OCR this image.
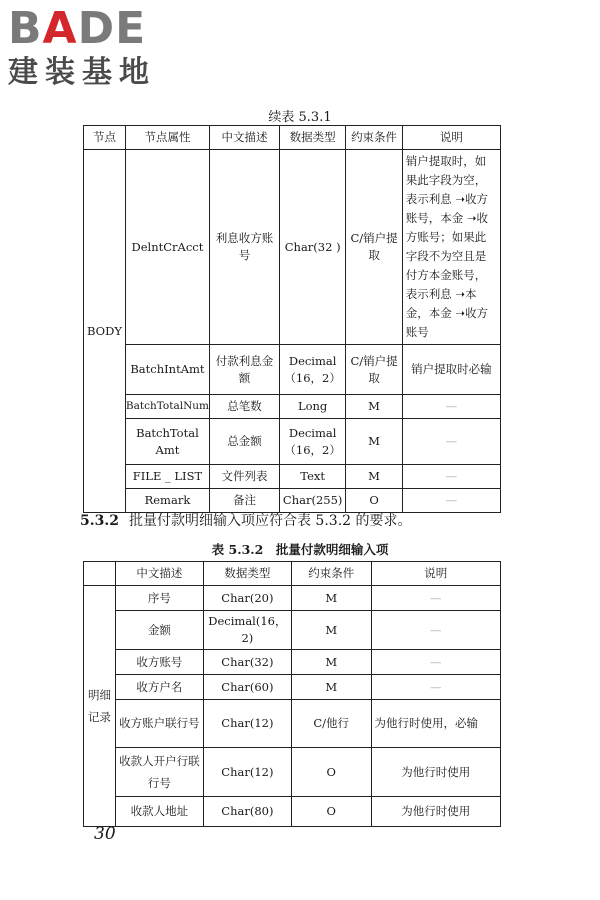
BADE
建装基地
续表 5.3.1
节点	节点属性	中文描述	数据类型	约束条件	说明
BODY	DelntCrAcct	利息收方账号	Char(32 )	C/销户提取	销户提取时，如果此字段为空，表示利息 ➝收方账号，本金 ➝收方账号；如果此字段不为空且是付方本金账号，表示利息 ➝本金，本金 ➝收方账号
	BatchIntAmt	付款利息金额	Decimal（16，2）	C/销户提取	销户提取时必输
	BatchTotalNum	总笔数	Long	M	—
	BatchTotal Amt	总金额	Decimal（16，2）	M	—
	FILE _ LIST	文件列表	Text	M	—
	Remark	备注	Char(255)	O	—
5.3.2 批量付款明细输入项应符合表 5.3.2 的要求。
表 5.3.2　批量付款明细输入项
	中文描述	数据类型	约束条件	说明
明细记录	序号	Char(20)	M	—
	金额	Decimal(16，2)	M	—
	收方账号	Char(32)	M	—
	收方户名	Char(60)	M	—
	收方账户联行号	Char(12)	C/他行	为他行时使用，必输
	收款人开户行联行号	Char(12)	O	为他行时使用
	收款人地址	Char(80)	O	为他行时使用
30
